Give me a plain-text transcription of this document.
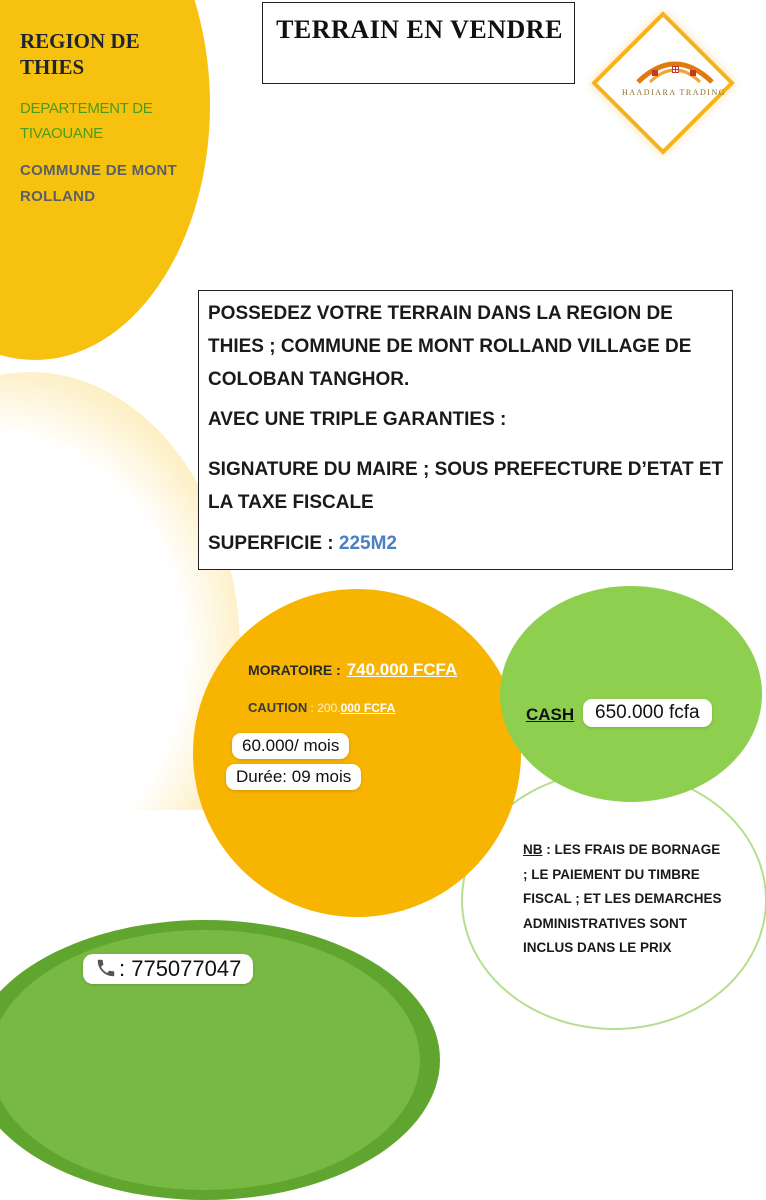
REGION DE THIES
DEPARTEMENT DE TIVAOUANE
COMMUNE DE MONT ROLLAND
TERRAIN EN VENDRE
HAADIARA TRADING
POSSEDEZ VOTRE TERRAIN DANS LA REGION DE THIES ; COMMUNE DE MONT ROLLAND VILLAGE DE COLOBAN TANGHOR.
AVEC UNE TRIPLE GARANTIES :
SIGNATURE DU MAIRE ; SOUS PREFECTURE D’ETAT ET LA TAXE FISCALE
SUPERFICIE : 225M2
MORATOIRE : 740.000 FCFA
CAUTION : 200.000 FCFA
60.000/ mois
Durée: 09 mois
CASH	650.000 fcfa
NB : LES FRAIS DE BORNAGE ; LE PAIEMENT DU TIMBRE FISCAL ; ET LES DEMARCHES ADMINISTRATIVES SONT INCLUS DANS LE PRIX
: 775077047
